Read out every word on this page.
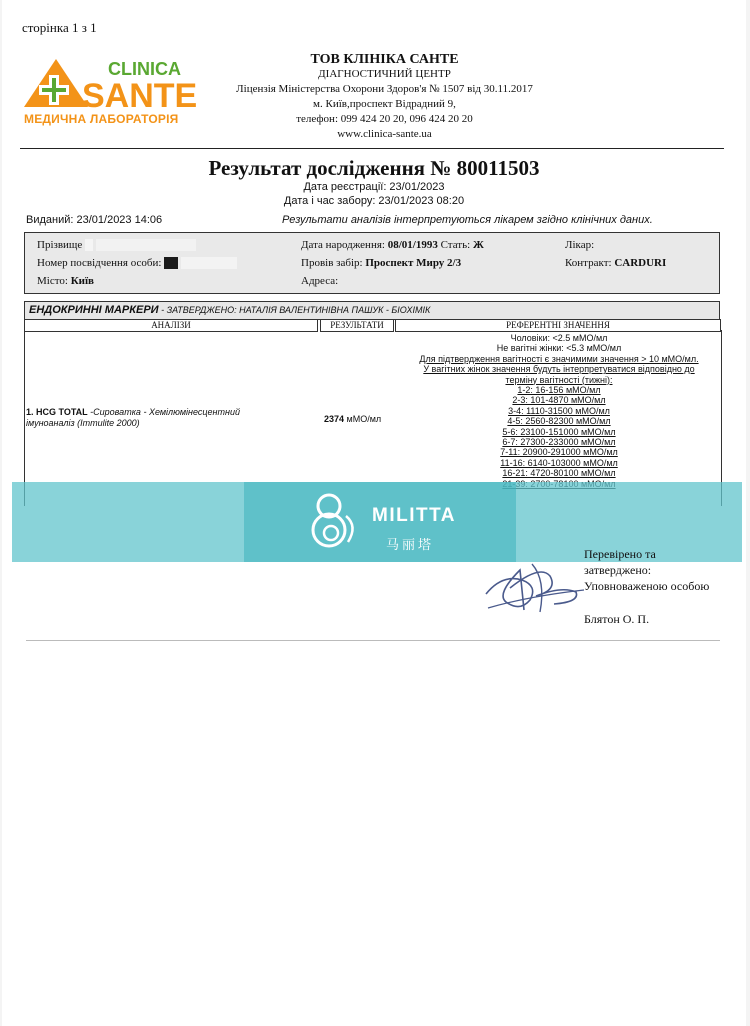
сторінка 1 з 1
CLINICA
SANTE
МЕДИЧНА ЛАБОРАТОРІЯ
ТОВ КЛІНІКА САНТЕ
ДІАГНОСТИЧНИЙ ЦЕНТР
Ліцензія Міністерства Охорони Здоров'я № 1507 від 30.11.2017
м. Київ,проспект Відрадний 9,
телефон: 099 424 20 20, 096 424 20 20
www.clinica-sante.ua
Результат дослідження № 80011503
Дата реєстрації: 23/01/2023
Дата і час забору: 23/01/2023 08:20
Виданий: 23/01/2023 14:06	Результати аналізів інтерпретуються лікарем згідно клінічних даних.
Прізвище
Номер посвідчення особи:
Місто: Київ
Дата народження: 08/01/1993 Стать: Ж
Провів забір: Проспект Миру 2/3
Адреса:
Лікар:
Контракт: CARDURI
ЕНДОКРИННІ МАРКЕРИ - ЗАТВЕРДЖЕНО: НАТАЛІЯ ВАЛЕНТИНІВНА ПАШУК - БІОХІМІК
АНАЛІЗИ	РЕЗУЛЬТАТИ	РЕФЕРЕНТНІ ЗНАЧЕННЯ
1. HCG TOTAL -Сироватка - Хемілюмінесцентний імуноаналіз (Immulite 2000)	2374 мМО/мл
Чоловіки: <2.5 мМО/мл
Не вагітні жінки: <5.3 мМО/мл
Для підтвердження вагітності є значимими значення > 10 мМО/мл.
У вагітних жінок значення будуть інтерпретуватися відповідно до
терміну вагітності (тижні):
1-2: 16-156 мМО/мл
2-3: 101-4870 мМО/мл
3-4: 1110-31500 мМО/мл
4-5: 2560-82300 мМО/мл
5-6: 23100-151000 мМО/мл
6-7: 27300-233000 мМО/мл
7-11: 20900-291000 мМО/мл
11-16: 6140-103000 мМО/мл
16-21: 4720-80100 мМО/мл
MILITTA
马丽塔
Перевірено та
затверджено:
Уповноваженою особою
Блятон О. П.
